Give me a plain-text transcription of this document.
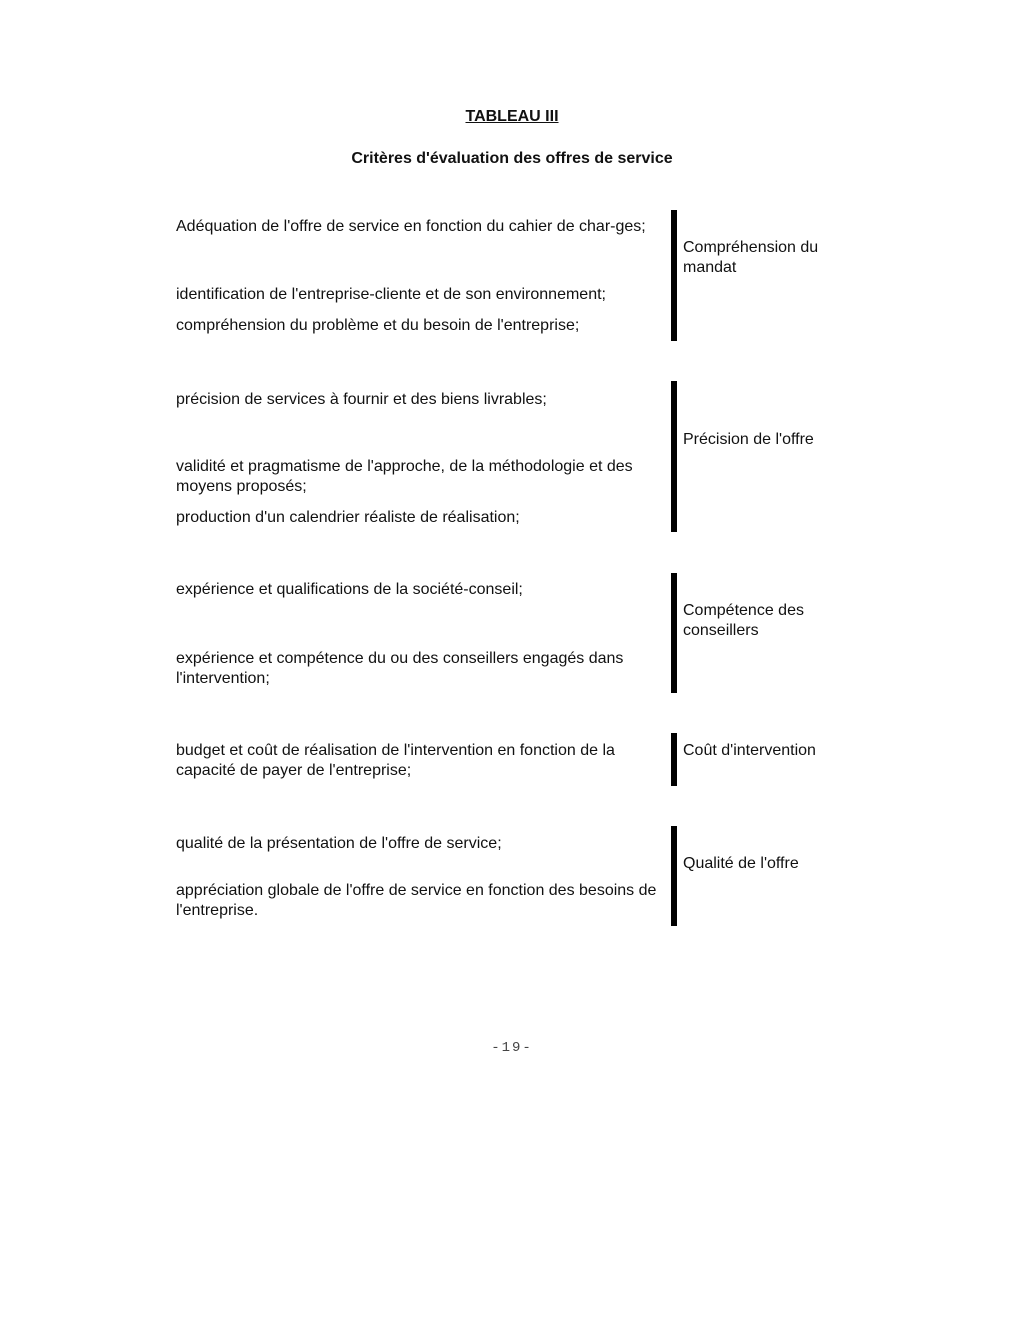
TABLEAU III
Critères d'évaluation des offres de service
Adéquation de l'offre de service en fonction du cahier de char-ges;
identification de l'entreprise-cliente et de son environnement;
compréhension du problème et du besoin de l'entreprise;
Compréhension du mandat
précision de services à fournir et des biens livrables;
validité et pragmatisme de l'approche, de la méthodologie et des moyens proposés;
production d'un calendrier réaliste de réalisation;
Précision de l'offre
expérience et qualifications de la société-conseil;
expérience et compétence du ou des conseillers engagés dans l'intervention;
Compétence des conseillers
budget et coût de réalisation de l'intervention en fonction de la capacité de payer de l'entreprise;
Coût d'intervention
qualité de la présentation de l'offre de service;
appréciation globale de l'offre de service en fonction des besoins de l'entreprise.
Qualité de l'offre
-19-
